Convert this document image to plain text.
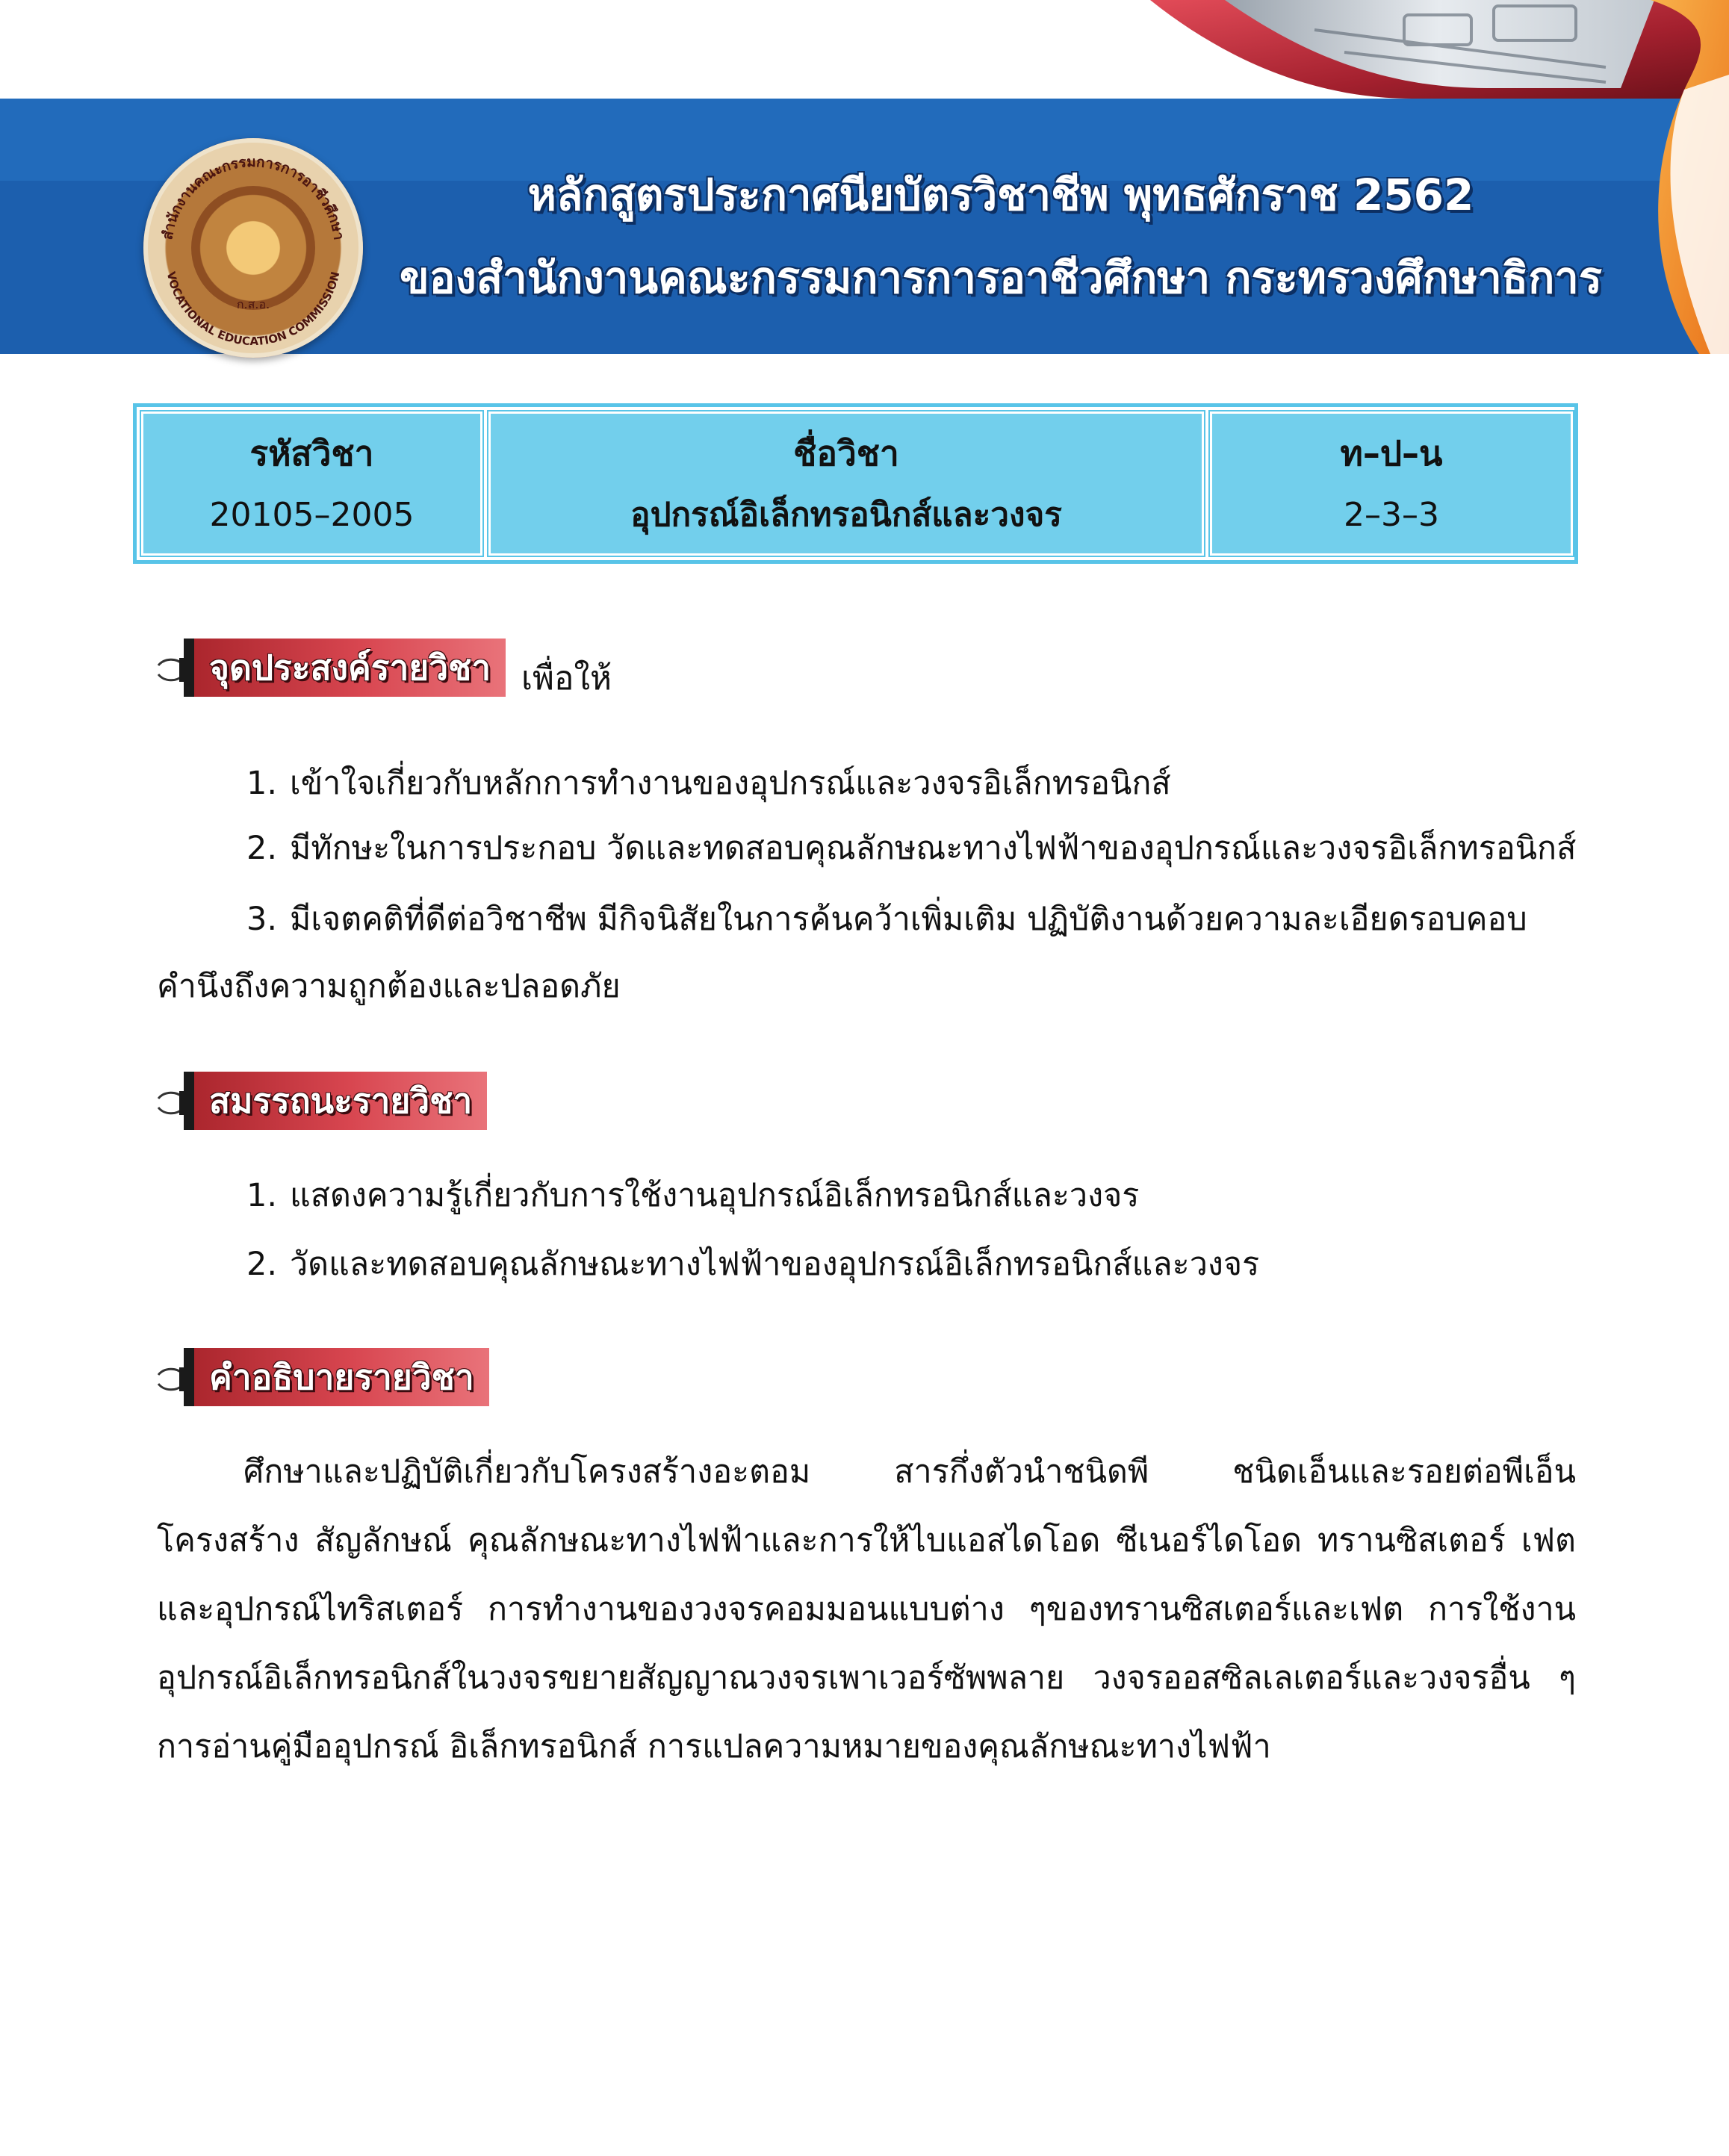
สำนักงานคณะกรรมการการอาชีวศึกษา
VOCATIONAL EDUCATION COMMISSION
ก.ส.อ.
หลักสูตรประกาศนียบัตรวิชาชีพ พุทธศักราช 2562
ของสำนักงานคณะกรรมการการอาชีวศึกษา กระทรวงศึกษาธิการ
รหัสวิชา
20105–2005
ชื่อวิชา
อุปกรณ์อิเล็กทรอนิกส์และวงจร
ท–ป–น
2–3–3
จุดประสงค์รายวิชา เพื่อให้
1. เข้าใจเกี่ยวกับหลักการทำงานของอุปกรณ์และวงจรอิเล็กทรอนิกส์
2. มีทักษะในการประกอบ วัดและทดสอบคุณลักษณะทางไฟฟ้าของอุปกรณ์และวงจรอิเล็กทรอนิกส์
3. มีเจตคติที่ดีต่อวิชาชีพ มีกิจนิสัยในการค้นคว้าเพิ่มเติม ปฏิบัติงานด้วยความละเอียดรอบคอบ
คำนึงถึงความถูกต้องและปลอดภัย
สมรรถนะรายวิชา
1. แสดงความรู้เกี่ยวกับการใช้งานอุปกรณ์อิเล็กทรอนิกส์และวงจร
2. วัดและทดสอบคุณลักษณะทางไฟฟ้าของอุปกรณ์อิเล็กทรอนิกส์และวงจร
คำอธิบายรายวิชา
ศึกษาและปฏิบัติเกี่ยวกับโครงสร้างอะตอม สารกึ่งตัวนำชนิดพี ชนิดเอ็นและรอยต่อพีเอ็น โครงสร้าง สัญลักษณ์ คุณลักษณะทางไฟฟ้าและการให้ไบแอสไดโอด ซีเนอร์ไดโอด ทรานซิสเตอร์ เฟตและอุปกรณ์ไทริสเตอร์ การทำงานของวงจรคอมมอนแบบต่าง ๆของทรานซิสเตอร์และเฟต การใช้งานอุปกรณ์อิเล็กทรอนิกส์ในวงจรขยายสัญญาณวงจรเพาเวอร์ซัพพลาย วงจรออสซิลเลเตอร์และวงจรอื่น ๆ การอ่านคู่มืออุปกรณ์ อิเล็กทรอนิกส์ การแปลความหมายของคุณลักษณะทางไฟฟ้า
